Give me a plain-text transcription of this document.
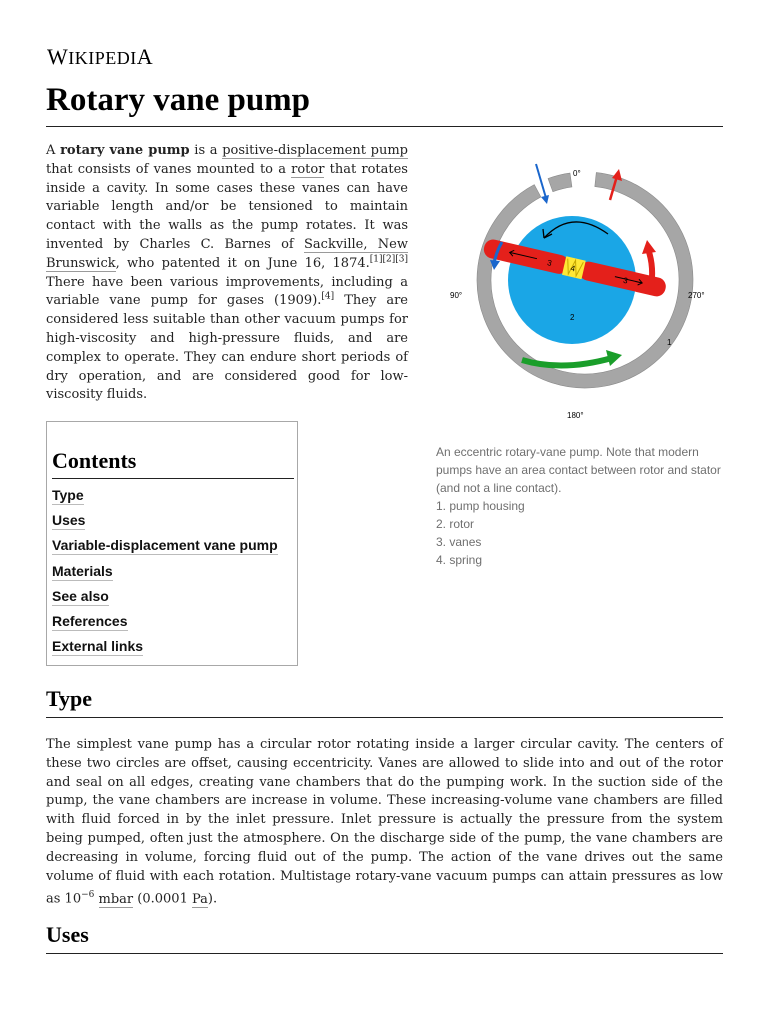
WIKIPEDIA
Rotary vane pump

A rotary vane pump is a positive-displacement pump that consists of vanes mounted to a rotor that rotates inside a cavity. In some cases these vanes can have variable length and/or be tensioned to maintain contact with the walls as the pump rotates. It was invented by Charles C. Barnes of Sackville, New Brunswick, who patented it on June 16, 1874.[1][2][3] There have been various improvements, including a variable vane pump for gases (1909).[4] They are considered less suitable than other vacuum pumps for high-viscosity and high-pressure fluids, and are complex to operate. They can endure short periods of dry operation, and are considered good for low-viscosity fluids.

Contents
Type
Uses
Variable-displacement vane pump
Materials
See also
References
External links
3
3
4
0°
90°	270°
180°
1
2
An eccentric rotary-vane pump. Note that modern pumps have an area contact between rotor and stator (and not a line contact).
1. pump housing
2. rotor
3. vanes
4. spring
Type

The simplest vane pump has a circular rotor rotating inside a larger circular cavity. The centers of these two circles are offset, causing eccentricity. Vanes are allowed to slide into and out of the rotor and seal on all edges, creating vane chambers that do the pumping work. In the suction side of the pump, the vane chambers are increase in volume. These increasing-volume vane chambers are filled with fluid forced in by the inlet pressure. Inlet pressure is actually the pressure from the system being pumped, often just the atmosphere. On the discharge side of the pump, the vane chambers are decreasing in volume, forcing fluid out of the pump. The action of the vane drives out the same volume of fluid with each rotation. Multistage rotary-vane vacuum pumps can attain pressures as low as $10^{-6}$ mbar (0.0001 Pa).

Uses
